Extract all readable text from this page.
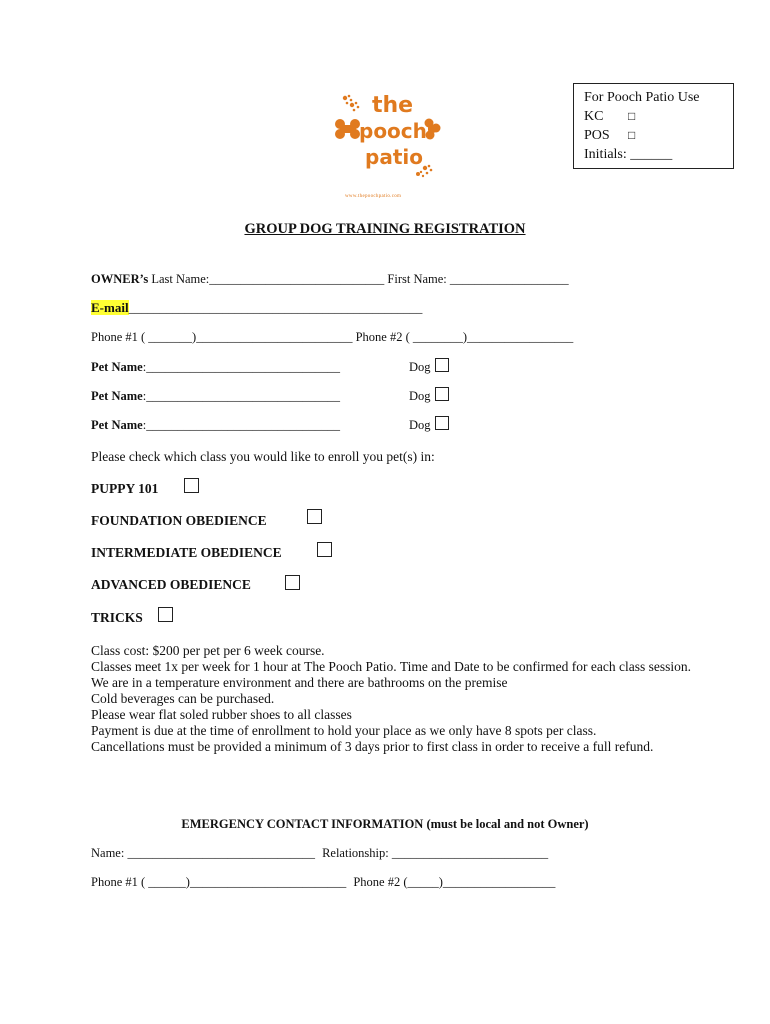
For Pooch Patio Use
KC	□
POS	□
Initials: ______
the
pooch
patio
www.thepoochpatio.com
GROUP DOG TRAINING REGISTRATION
OWNER’s Last Name:____________________________ First Name: ___________________
E-mail_______________________________________________
Phone #1 ( _______)_________________________ Phone #2 ( ________)_________________
Pet Name:_______________________________	Dog
Pet Name:_______________________________	Dog
Pet Name:_______________________________	Dog
Please check which class you would like to enroll you pet(s) in:
PUPPY 101
FOUNDATION OBEDIENCE
INTERMEDIATE OBEDIENCE
ADVANCED OBEDIENCE
TRICKS
Class cost: $200 per pet per 6 week course.
Classes meet 1x per week for 1 hour at The Pooch Patio. Time and Date to be confirmed for each class session.
We are in a temperature environment and there are bathrooms on the premise
Cold beverages can be purchased.
Please wear flat soled rubber shoes to all classes
Payment is due at the time of enrollment to hold your place as we only have 8 spots per class.
Cancellations must be provided a minimum of 3 days prior to first class in order to receive a full refund.
EMERGENCY CONTACT INFORMATION (must be local and not Owner)
Name: ______________________________ Relationship: _________________________
Phone #1 ( ______)_________________________ Phone #2 (_____)__________________
